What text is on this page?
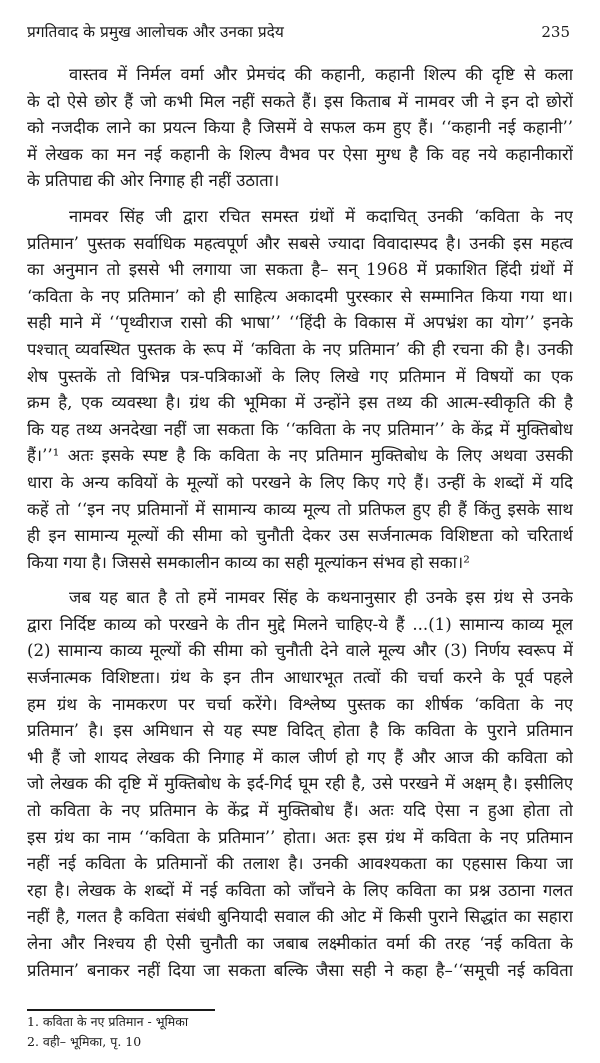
प्रगतिवाद के प्रमुख आलोचक और उनका प्रदेय	235
वास्तव में निर्मल वर्मा और प्रेमचंद की कहानी, कहानी शिल्प की दृष्टि से कला
के दो ऐसे छोर हैं जो कभी मिल नहीं सकते हैं। इस किताब में नामवर जी ने इन दो छोरों
को नजदीक लाने का प्रयत्न किया है जिसमें वे सफल कम हुए हैं। ‘‘कहानी नई कहानी’’
में लेखक का मन नई कहानी के शिल्प वैभव पर ऐसा मुग्ध है कि वह नये कहानीकारों
के प्रतिपाद्य की ओर निगाह ही नहीं उठाता।
नामवर सिंह जी द्वारा रचित समस्त ग्रंथों में कदाचित् उनकी ‘कविता के नए
प्रतिमान’ पुस्तक सर्वाधिक महत्वपूर्ण और सबसे ज्यादा विवादास्पद है। उनकी इस महत्व
का अनुमान तो इससे भी लगाया जा सकता है– सन् 1968 में प्रकाशित हिंदी ग्रंथों में
‘कविता के नए प्रतिमान’ को ही साहित्य अकादमी पुरस्कार से सम्मानित किया गया था।
सही माने में ‘‘पृथ्वीराज रासो की भाषा’’ ‘‘हिंदी के विकास में अपभ्रंश का योग’’ इनके
पश्चात् व्यवस्थित पुस्तक के रूप में ‘कविता के नए प्रतिमान’ की ही रचना की है। उनकी
शेष पुस्तकें तो विभिन्न पत्र-पत्रिकाओं के लिए लिखे गए प्रतिमान में विषयों का एक
क्रम है, एक व्यवस्था है। ग्रंथ की भूमिका में उन्होंने इस तथ्य की आत्म-स्वीकृति की है
कि यह तथ्य अनदेखा नहीं जा सकता कि ‘‘कविता के नए प्रतिमान’’ के केंद्र में मुक्तिबोध
हैं।’’¹ अतः इसके स्पष्ट है कि कविता के नए प्रतिमान मुक्तिबोध के लिए अथवा उसकी
धारा के अन्य कवियों के मूल्यों को परखने के लिए किए गऐ हैं। उन्हीं के शब्दों में यदि
कहें तो ‘‘इन नए प्रतिमानों में सामान्य काव्य मूल्य तो प्रतिफल हुए ही हैं किंतु इसके साथ
ही इन सामान्य मूल्यों की सीमा को चुनौती देकर उस सर्जनात्मक विशिष्टता को चरितार्थ
किया गया है। जिससे समकालीन काव्य का सही मूल्यांकन संभव हो सका।²
जब यह बात है तो हमें नामवर सिंह के कथनानुसार ही उनके इस ग्रंथ से उनके
द्वारा निर्दिष्ट काव्य को परखने के तीन मुद्दे मिलने चाहिए-ये हैं ...(1) सामान्य काव्य मूल
(2) सामान्य काव्य मूल्यों की सीमा को चुनौती देने वाले मूल्य और (3) निर्णय स्वरूप में
सर्जनात्मक विशिष्टता। ग्रंथ के इन तीन आधारभूत तत्वों की चर्चा करने के पूर्व पहले
हम ग्रंथ के नामकरण पर चर्चा करेंगे। विश्लेष्य पुस्तक का शीर्षक ‘कविता के नए
प्रतिमान’ है। इस अमिधान से यह स्पष्ट विदित् होता है कि कविता के पुराने प्रतिमान
भी हैं जो शायद लेखक की निगाह में काल जीर्ण हो गए हैं और आज की कविता को
जो लेखक की दृष्टि में मुक्तिबोध के इर्द-गिर्द घूम रही है, उसे परखने में अक्षम् है। इसीलिए
तो कविता के नए प्रतिमान के केंद्र में मुक्तिबोध हैं। अतः यदि ऐसा न हुआ होता तो
इस ग्रंथ का नाम ‘‘कविता के प्रतिमान’’ होता। अतः इस ग्रंथ में कविता के नए प्रतिमान
नहीं नई कविता के प्रतिमानों की तलाश है। उनकी आवश्यकता का एहसास किया जा
रहा है। लेखक के शब्दों में नई कविता को जाँचने के लिए कविता का प्रश्न उठाना गलत
नहीं है, गलत है कविता संबंधी बुनियादी सवाल की ओट में किसी पुराने सिद्धांत का सहारा
लेना और निश्चय ही ऐसी चुनौती का जबाब लक्ष्मीकांत वर्मा की तरह ‘नई कविता के
प्रतिमान’ बनाकर नहीं दिया जा सकता बल्कि जैसा सही ने कहा है–‘‘समूची नई कविता
1. कविता के नए प्रतिमान - भूमिका
2. वही– भूमिका, पृ. 10
